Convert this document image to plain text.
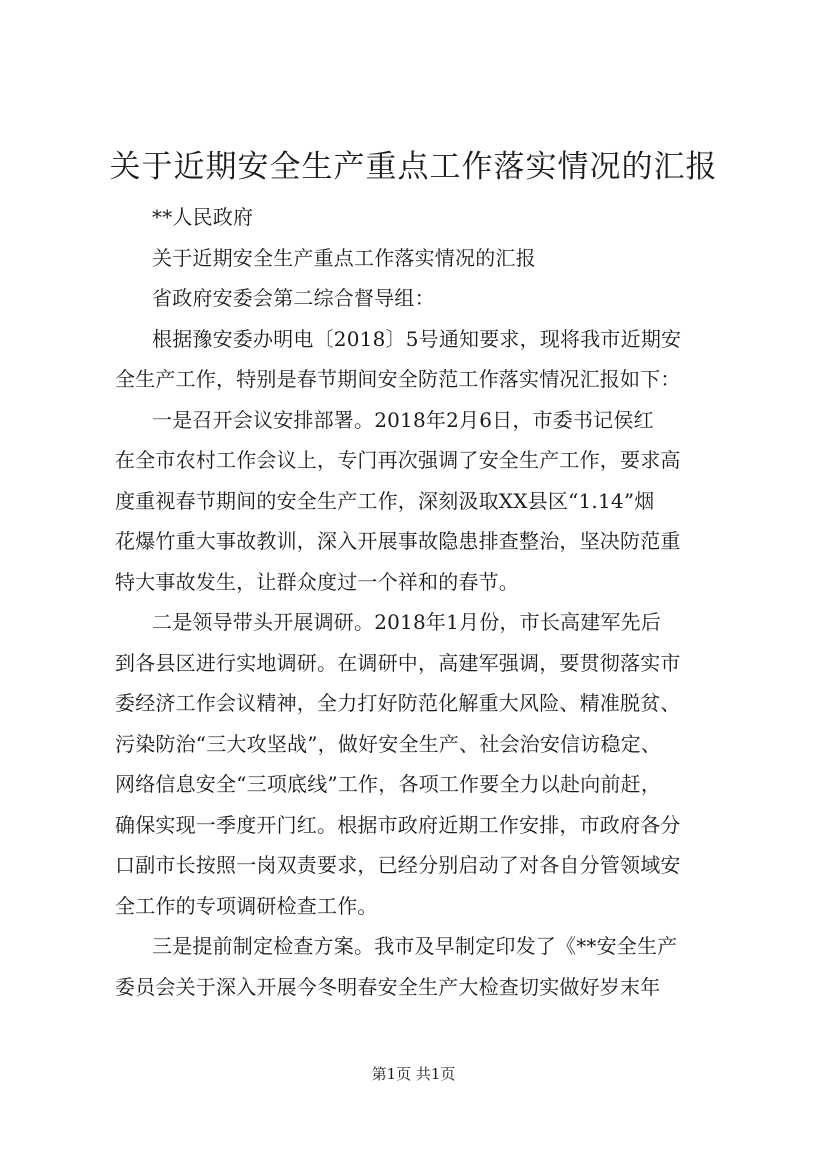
关于近期安全生产重点工作落实情况的汇报
**人民政府
关于近期安全生产重点工作落实情况的汇报
省政府安委会第二综合督导组：
根据豫安委办明电〔2018〕5号通知要求，现将我市近期安
全生产工作，特别是春节期间安全防范工作落实情况汇报如下：
一是召开会议安排部署。2018年2月6日，市委书记侯红
在全市农村工作会议上，专门再次强调了安全生产工作，要求高
度重视春节期间的安全生产工作，深刻汲取XX县区“1.14”烟
花爆竹重大事故教训，深入开展事故隐患排查整治，坚决防范重
特大事故发生，让群众度过一个祥和的春节。
二是领导带头开展调研。2018年1月份，市长高建军先后
到各县区进行实地调研。在调研中，高建军强调，要贯彻落实市
委经济工作会议精神，全力打好防范化解重大风险、精准脱贫、
污染防治“三大攻坚战”，做好安全生产、社会治安信访稳定、
网络信息安全“三项底线”工作，各项工作要全力以赴向前赶，
确保实现一季度开门红。根据市政府近期工作安排，市政府各分
口副市长按照一岗双责要求，已经分别启动了对各自分管领域安
全工作的专项调研检查工作。
三是提前制定检查方案。我市及早制定印发了《**安全生产
委员会关于深入开展今冬明春安全生产大检查切实做好岁末年
第1页 共1页
